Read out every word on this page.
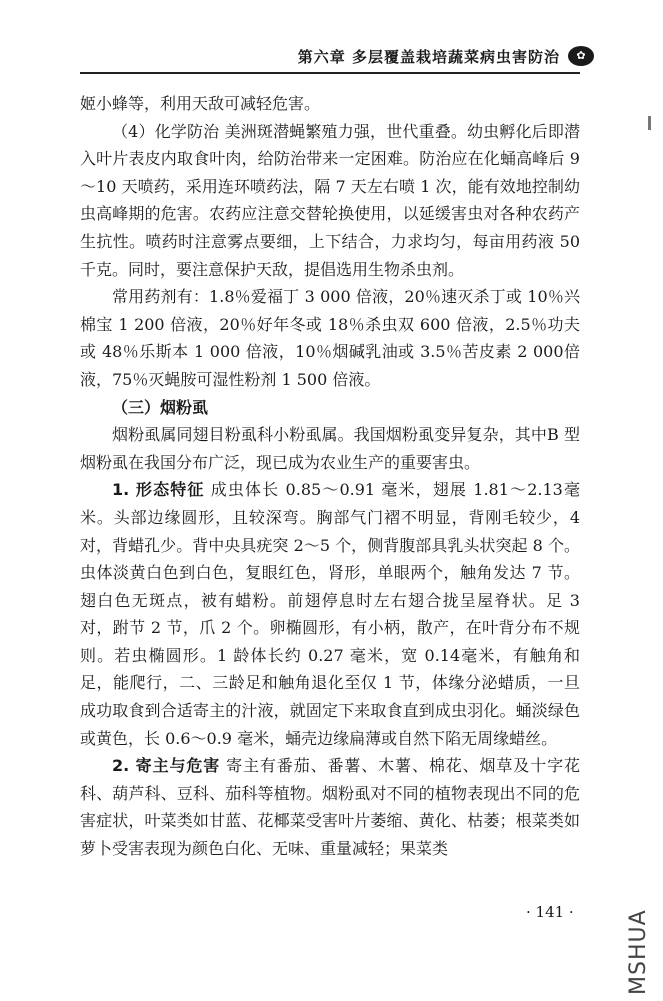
第六章 多层覆盖栽培蔬菜病虫害防治	✿

姬小蜂等，利用天敌可减轻危害。

（4）化学防治 美洲斑潜蝇繁殖力强，世代重叠。幼虫孵化后即潜入叶片表皮内取食叶肉，给防治带来一定困难。防治应在化蛹高峰后 9～10 天喷药，采用连环喷药法，隔 7 天左右喷 1 次，能有效地控制幼虫高峰期的危害。农药应注意交替轮换使用，以延缓害虫对各种农药产生抗性。喷药时注意雾点要细，上下结合，力求均匀，每亩用药液 50 千克。同时，要注意保护天敌，提倡选用生物杀虫剂。

常用药剂有：1.8％爱福丁 3 000 倍液，20％速灭杀丁或 10％兴棉宝 1 200 倍液，20％好年冬或 18％杀虫双 600 倍液，2.5％功夫或 48％乐斯本 1 000 倍液，10％烟碱乳油或 3.5％苦皮素 2 000倍液，75％灭蝇胺可湿性粉剂 1 500 倍液。

（三）烟粉虱

烟粉虱属同翅目粉虱科小粉虱属。我国烟粉虱变异复杂，其中B 型烟粉虱在我国分布广泛，现已成为农业生产的重要害虫。

1. 形态特征 成虫体长 0.85～0.91 毫米，翅展 1.81～2.13毫米。头部边缘圆形，且较深弯。胸部气门褶不明显，背刚毛较少，4 对，背蜡孔少。背中央具疣突 2～5 个，侧背腹部具乳头状突起 8 个。虫体淡黄白色到白色，复眼红色，肾形，单眼两个，触角发达 7 节。翅白色无斑点，被有蜡粉。前翅停息时左右翅合拢呈屋脊状。足 3 对，跗节 2 节，爪 2 个。卵椭圆形，有小柄，散产，在叶背分布不规则。若虫椭圆形。1 龄体长约 0.27 毫米，宽 0.14毫米，有触角和足，能爬行，二、三龄足和触角退化至仅 1 节，体缘分泌蜡质，一旦成功取食到合适寄主的汁液，就固定下来取食直到成虫羽化。蛹淡绿色或黄色，长 0.6～0.9 毫米，蛹壳边缘扁薄或自然下陷无周缘蜡丝。

2. 寄主与危害 寄主有番茄、番薯、木薯、棉花、烟草及十字花科、葫芦科、豆科、茄科等植物。烟粉虱对不同的植物表现出不同的危害症状，叶菜类如甘蓝、花椰菜受害叶片萎缩、黄化、枯萎；根菜类如萝卜受害表现为颜色白化、无味、重量减轻；果菜类

· 141 · MSHUA
